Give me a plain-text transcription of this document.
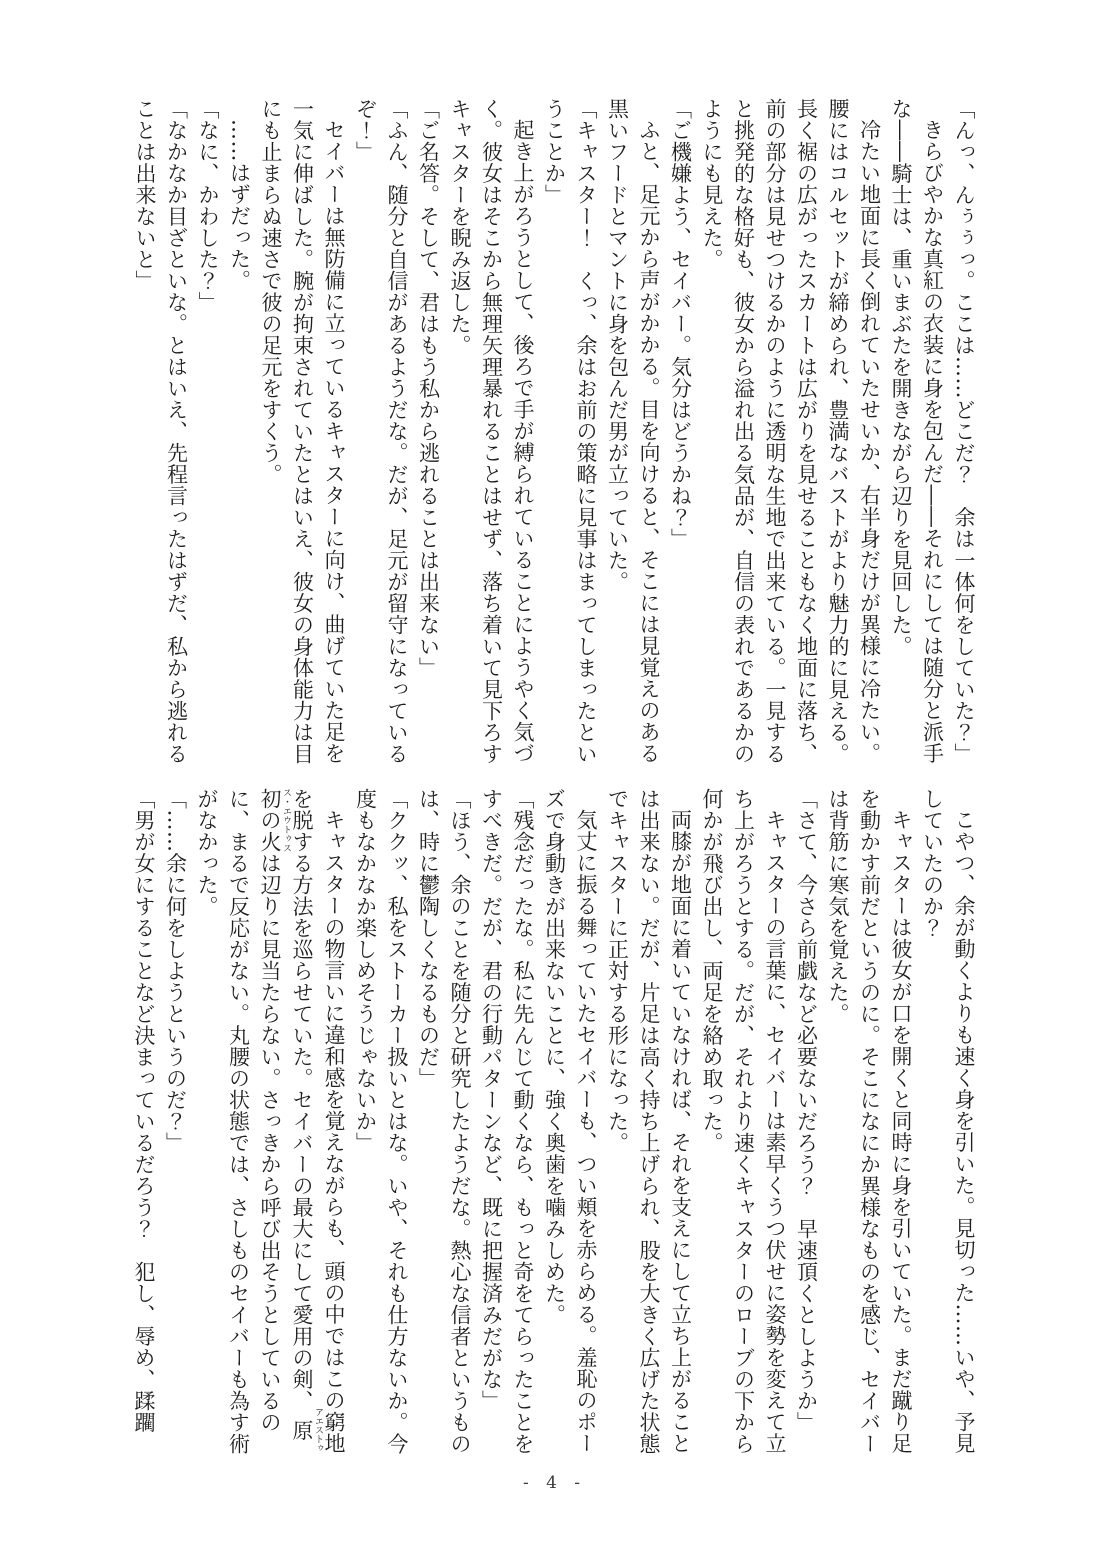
「んっ、んぅぅっ。ここは……どこだ？　余は一体何をしていた？」

きらびやかな真紅の衣装に身を包んだ――それにしては随分と派手な――騎士は、重いまぶたを開きながら辺りを見回した。

冷たい地面に長く倒れていたせいか、右半身だけが異様に冷たい。腰にはコルセットが締められ、豊満なバストがより魅力的に見える。長く裾の広がったスカートは広がりを見せることもなく地面に落ち、前の部分は見せつけるかのように透明な生地で出来ている。一見すると挑発的な格好も、彼女から溢れ出る気品が、自信の表れであるかのようにも見えた。

「ご機嫌よう、セイバー。気分はどうかね？」

ふと、足元から声がかかる。目を向けると、そこには見覚えのある黒いフードとマントに身を包んだ男が立っていた。

「キャスター！　くっ、余はお前の策略に見事はまってしまったということか」

起き上がろうとして、後ろで手が縛られていることにようやく気づく。彼女はそこから無理矢理暴れることはせず、落ち着いて見下ろすキャスターを睨み返した。

「ご名答。そして、君はもう私から逃れることは出来ない」

「ふん、随分と自信があるようだな。だが、足元が留守になっているぞ！」

セイバーは無防備に立っているキャスターに向け、曲げていた足を一気に伸ばした。腕が拘束されていたとはいえ、彼女の身体能力は目にも止まらぬ速さで彼の足元をすくう。

……はずだった。

「なに、かわした？」

「なかなか目ざといな。とはいえ、先程言ったはずだ、私から逃れることは出来ないと」

こやつ、余が動くよりも速く身を引いた。見切った……いや、予見していたのか？

キャスターは彼女が口を開くと同時に身を引いていた。まだ蹴り足を動かす前だというのに。そこになにか異様なものを感じ、セイバーは背筋に寒気を覚えた。

「さて、今さら前戯など必要ないだろう？　早速頂くとしようか」

キャスターの言葉に、セイバーは素早くうつ伏せに姿勢を変えて立ち上がろうとする。だが、それより速くキャスターのローブの下から何かが飛び出し、両足を絡め取った。

両膝が地面に着いていなければ、それを支えにして立ち上がることは出来ない。だが、片足は高く持ち上げられ、股を大きく広げた状態でキャスターに正対する形になった。

気丈に振る舞っていたセイバーも、つい頬を赤らめる。羞恥のポーズで身動きが出来ないことに、強く奥歯を噛みしめた。

「残念だったな。私に先んじて動くなら、もっと奇をてらったことをすべきだ。だが、君の行動パターンなど、既に把握済みだがな」

「ほう、余のことを随分と研究したようだな。熱心な信者というものは、時に鬱陶しくなるものだ」

「ククッ、私をストーカー扱いとはな。いや、それも仕方ないか。今度もなかなか楽しめそうじゃないか」

キャスターの物言いに違和感を覚えながらも、頭の中ではこの窮地を脱する方法を巡らせていた。セイバーの最大にして愛用の剣、原初の火アエストゥス・エウトゥスは辺りに見当たらない。さっきから呼び出そうとしているのに、まるで反応がない。丸腰の状態では、さしものセイバーも為す術がなかった。

「……余に何をしようというのだ？」

「男が女にすることなど決まっているだろう？　犯し、辱め、蹂躙

- 4 -
